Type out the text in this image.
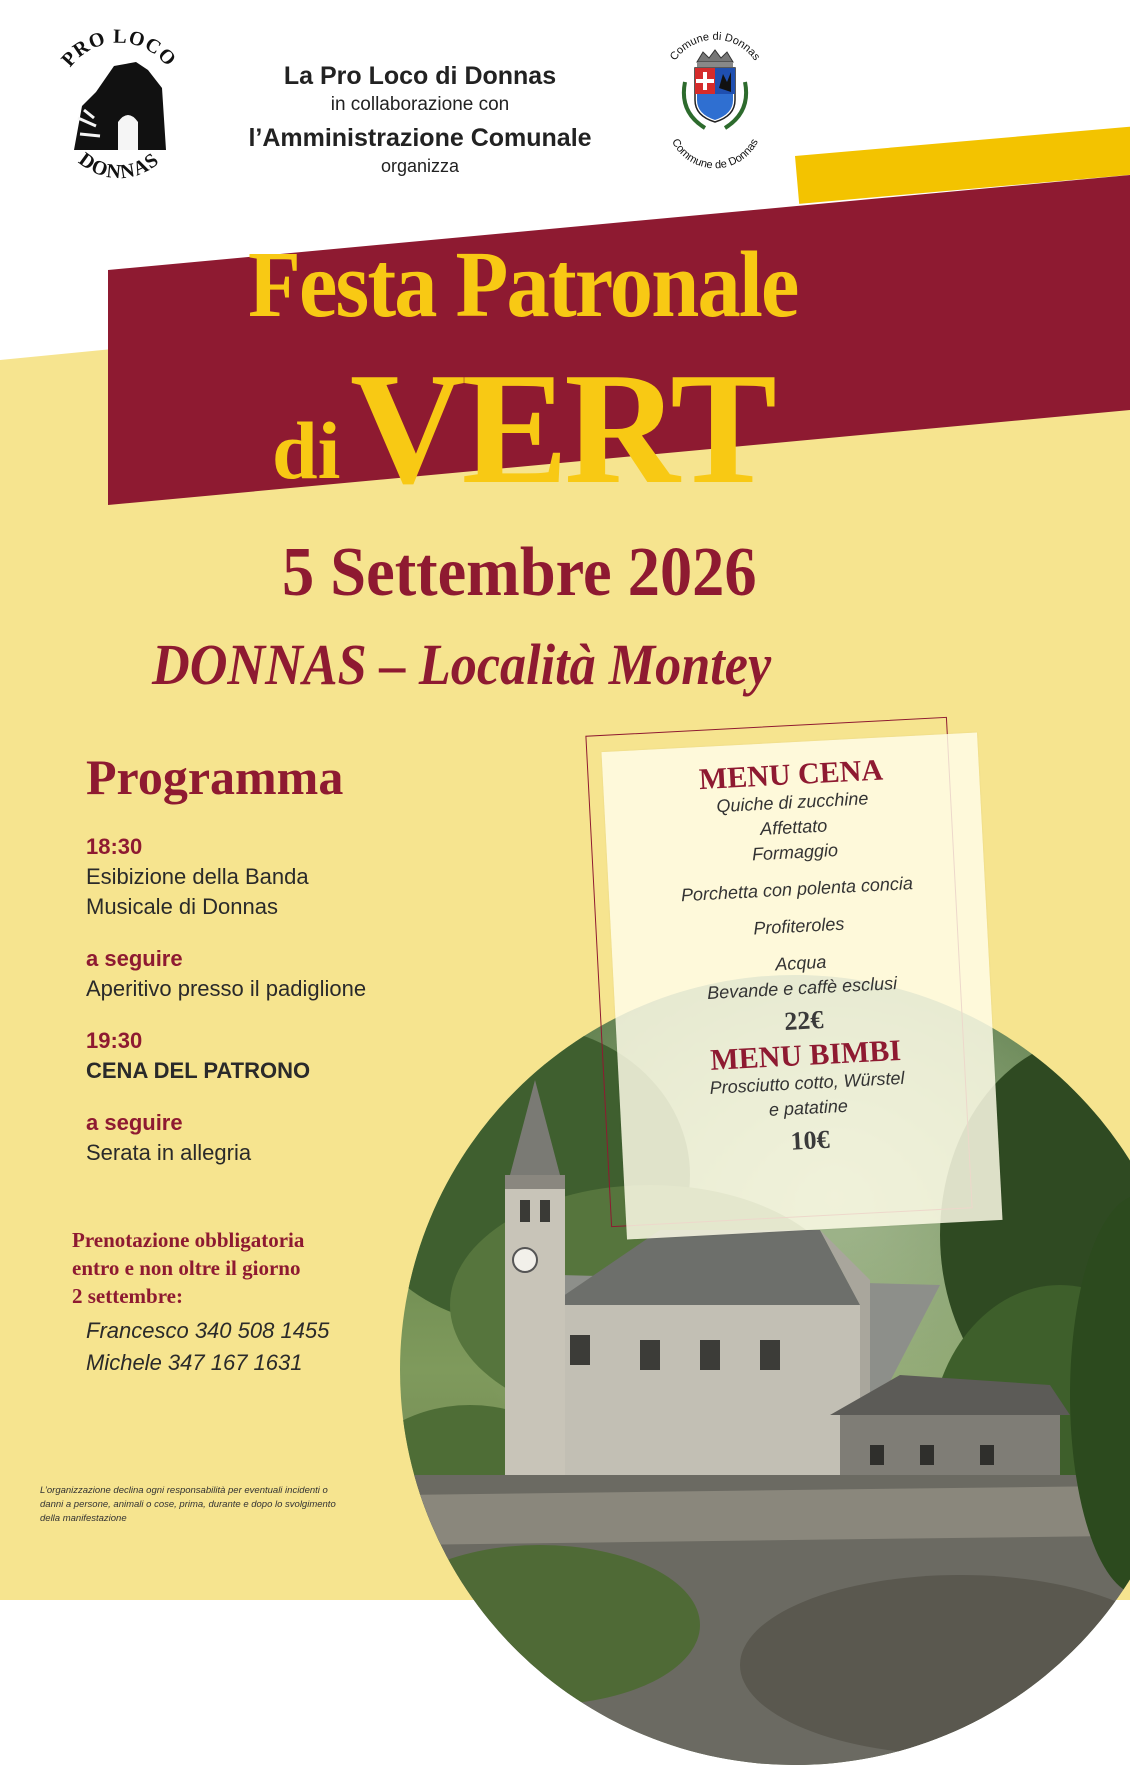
PRO LOCO
DONNAS
La Pro Loco di Donnas
in collaborazione con
l’Amministrazione Comunale
organizza
Comune di Donnas
Commune de Donnas
Festa Patronale
di VERT
5 Settembre 2026
DONNAS – Località Montey
MENU CENA
Quiche di zucchine
Affettato
Formaggio
Porchetta con polenta concia
Profiteroles
Acqua
Bevande e caffè esclusi
22€
MENU BIMBI
Prosciutto cotto, Würstel
e patatine
10€
Programma
18:30
Esibizione della Banda
Musicale di Donnas
a seguire
Aperitivo presso il padiglione
19:30
CENA DEL PATRONO
a seguire
Serata in allegria
Prenotazione obbligatoria
entro e non oltre il giorno
2 settembre:
Francesco 340 508 1455
Michele 347 167 1631
L’organizzazione declina ogni responsabilità per eventuali incidenti o danni a persone, animali o cose, prima, durante e dopo lo svolgimento della manifestazione
